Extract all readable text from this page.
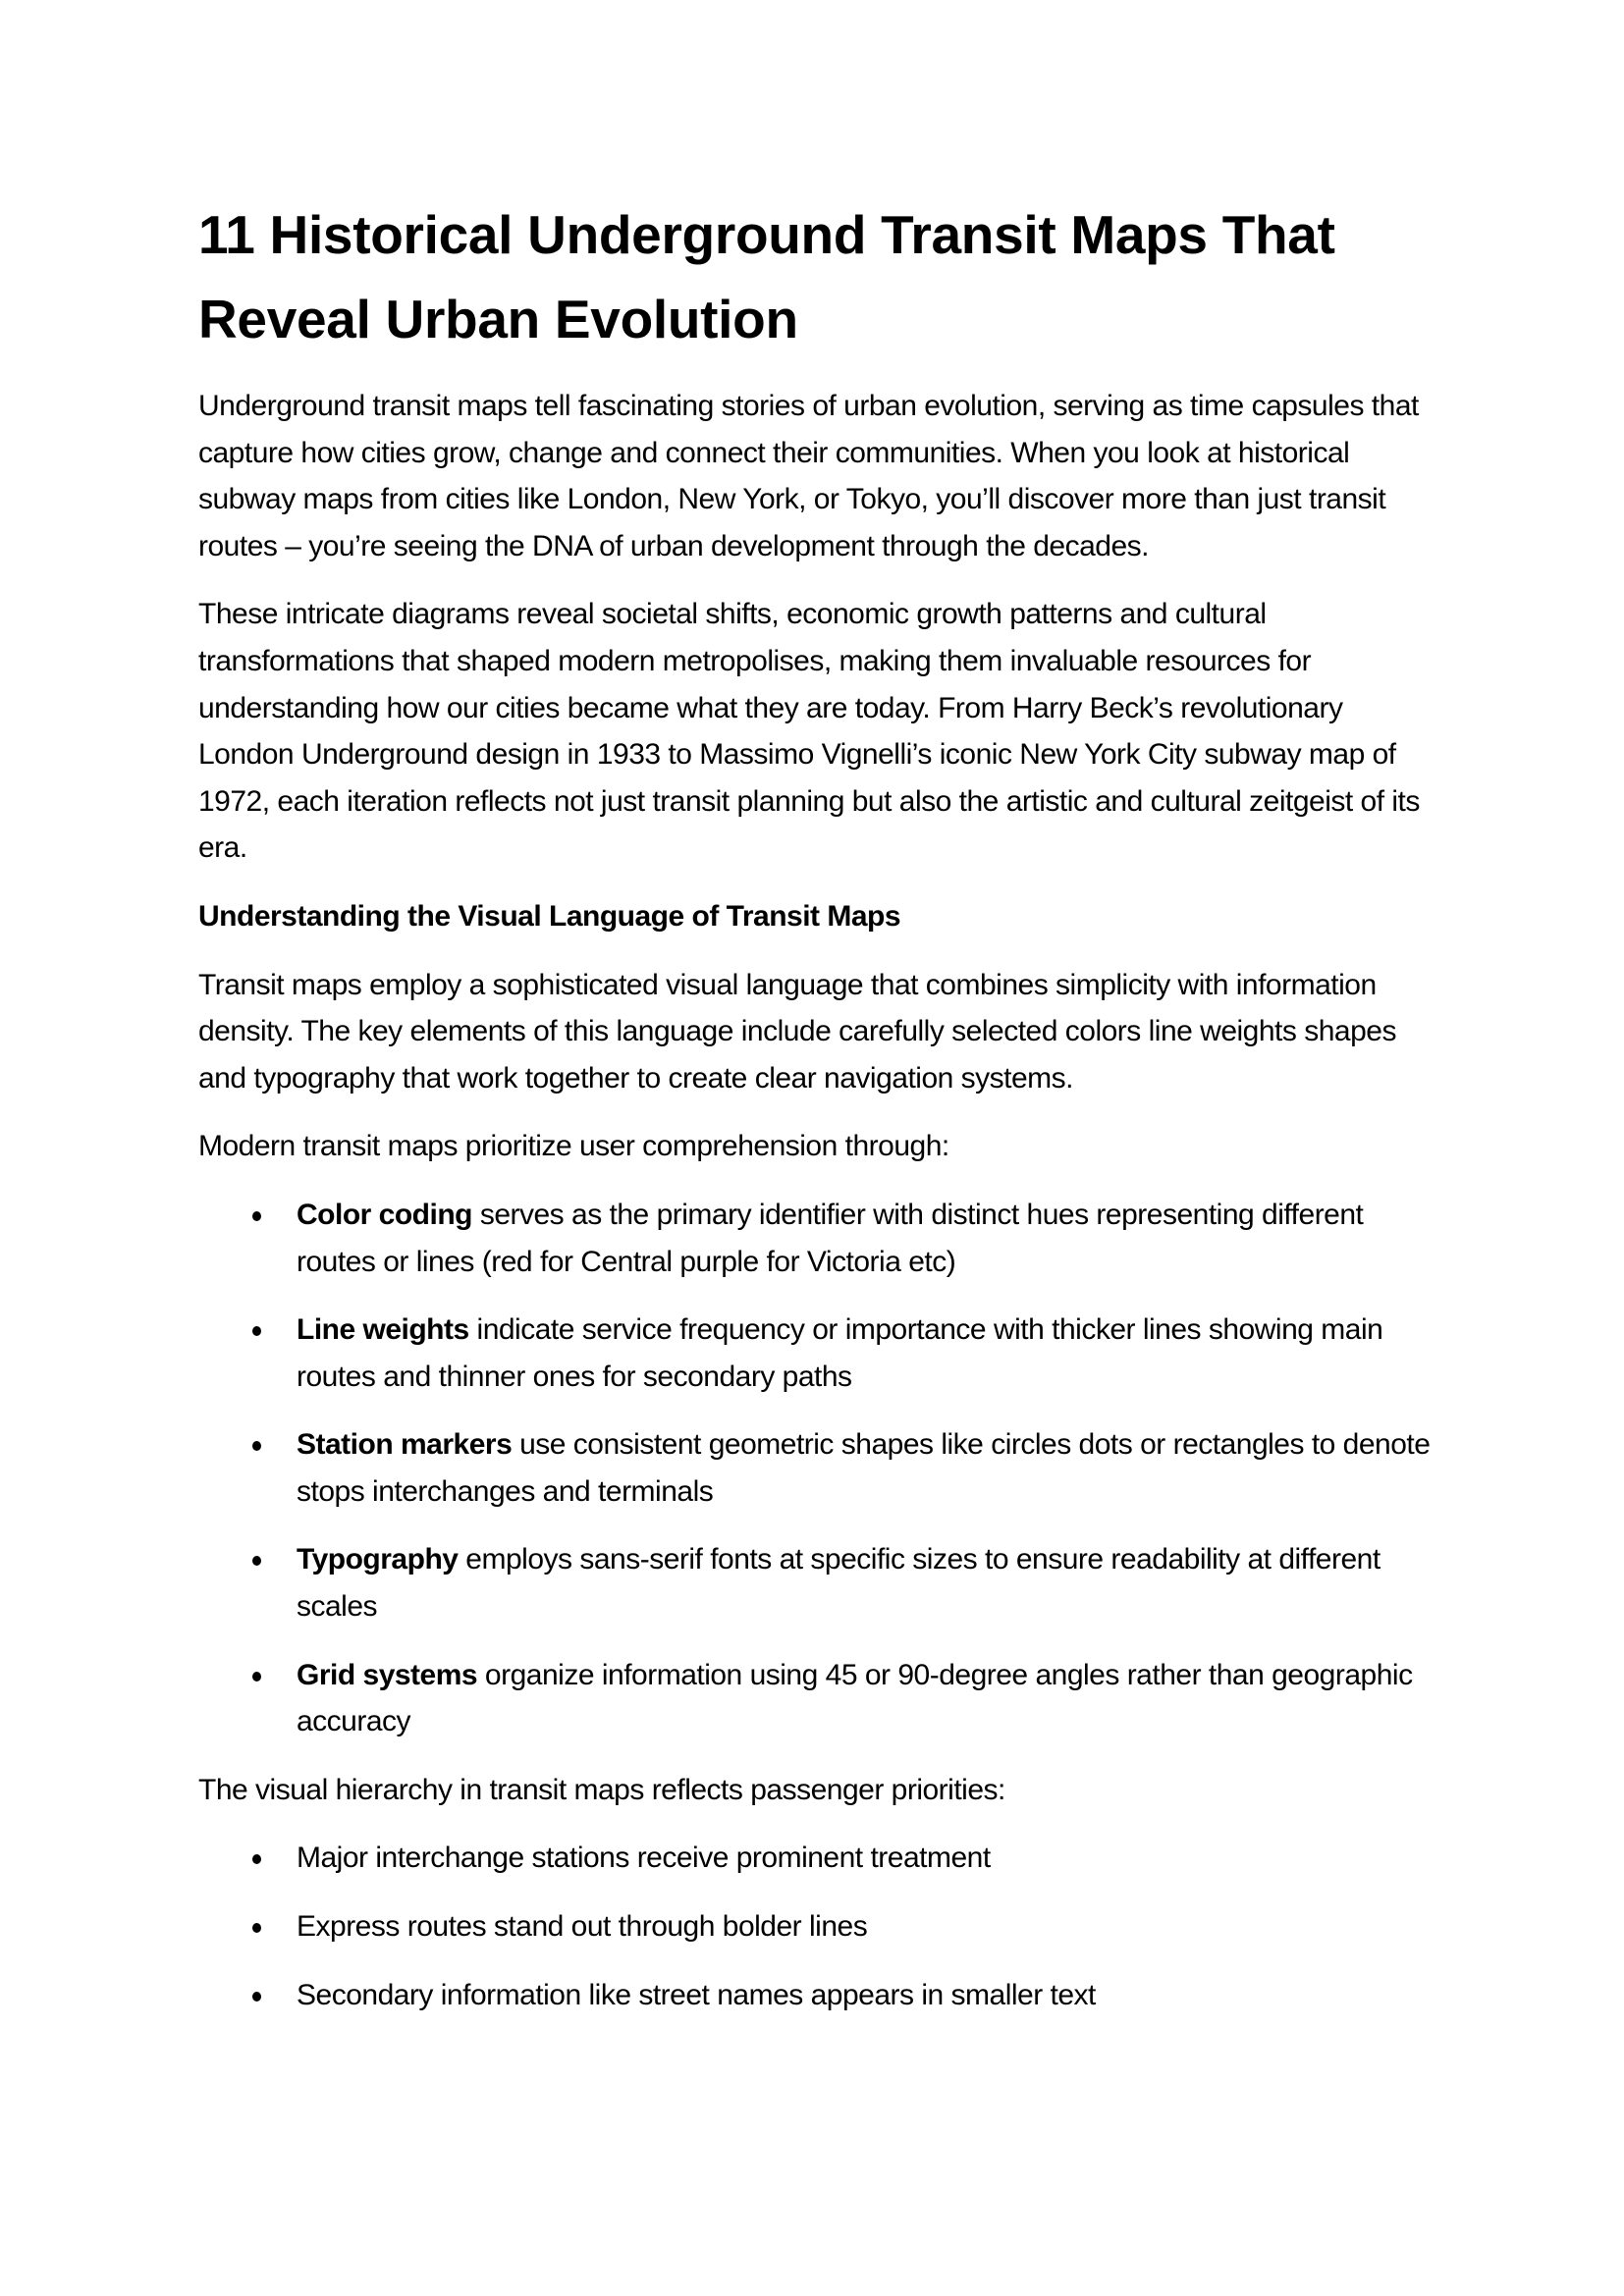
11 Historical Underground Transit Maps That Reveal Urban Evolution

Underground transit maps tell fascinating stories of urban evolution, serving as time capsules that capture how cities grow, change and connect their communities. When you look at historical subway maps from cities like London, New York, or Tokyo, you’ll discover more than just transit routes – you’re seeing the DNA of urban development through the decades.

These intricate diagrams reveal societal shifts, economic growth patterns and cultural transformations that shaped modern metropolises, making them invaluable resources for understanding how our cities became what they are today. From Harry Beck’s revolutionary London Underground design in 1933 to Massimo Vignelli’s iconic New York City subway map of 1972, each iteration reflects not just transit planning but also the artistic and cultural zeitgeist of its era.

Understanding the Visual Language of Transit Maps

Transit maps employ a sophisticated visual language that combines simplicity with information density. The key elements of this language include carefully selected colors line weights shapes and typography that work together to create clear navigation systems.

Modern transit maps prioritize user comprehension through:

Color coding serves as the primary identifier with distinct hues representing different routes or lines (red for Central purple for Victoria etc)
Line weights indicate service frequency or importance with thicker lines showing main routes and thinner ones for secondary paths
Station markers use consistent geometric shapes like circles dots or rectangles to denote stops interchanges and terminals
Typography employs sans-serif fonts at specific sizes to ensure readability at different scales
Grid systems organize information using 45 or 90-degree angles rather than geographic accuracy

The visual hierarchy in transit maps reflects passenger priorities:

Major interchange stations receive prominent treatment
Express routes stand out through bolder lines
Secondary information like street names appears in smaller text
